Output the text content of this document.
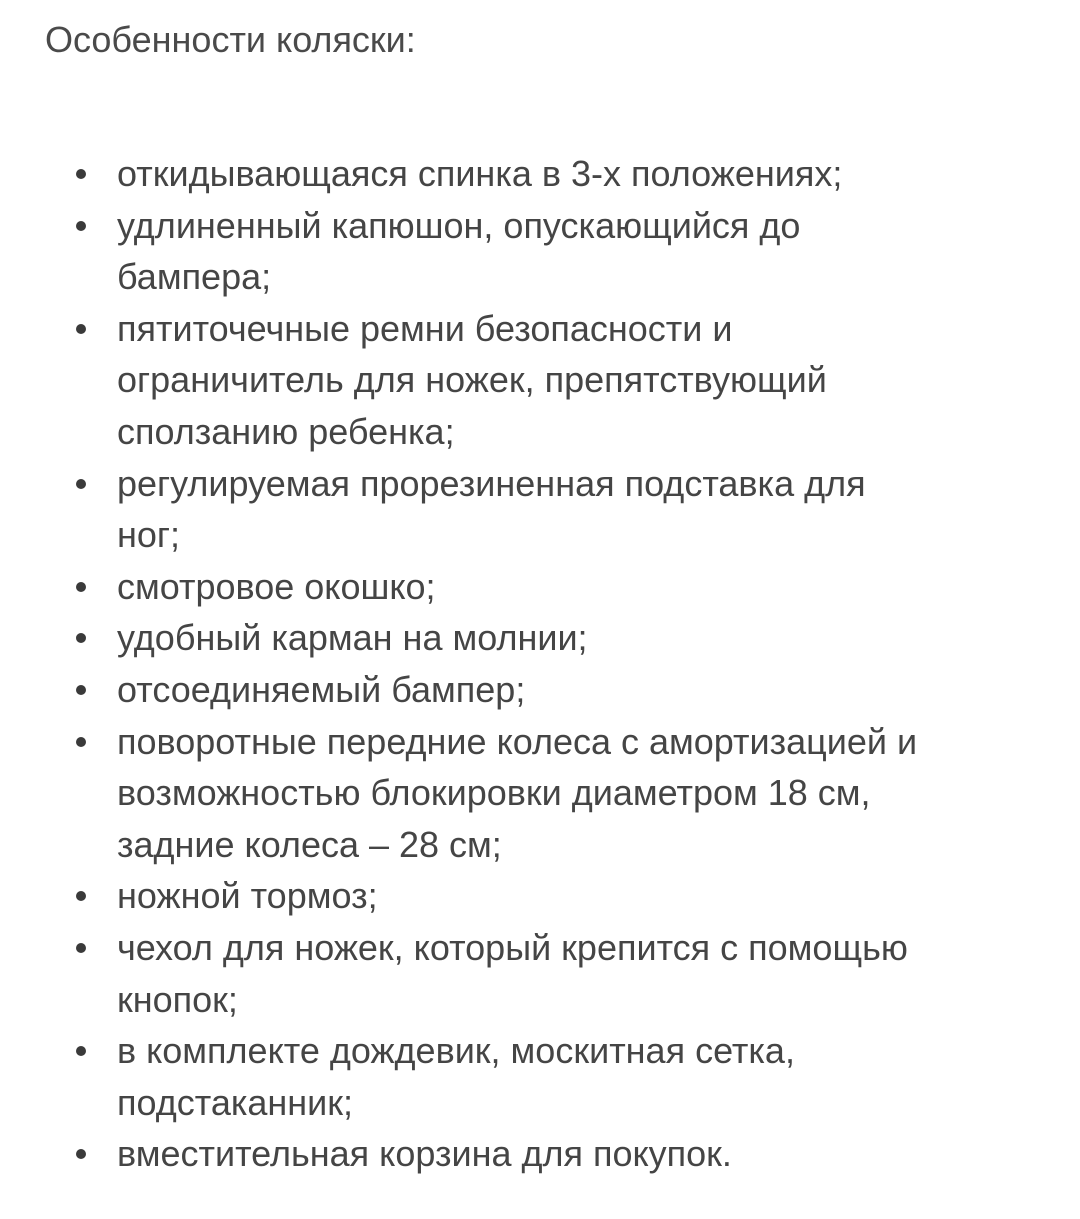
Особенности коляски:
откидывающаяся спинка в 3-х положениях;
удлиненный капюшон, опускающийся до
бампера;
пятиточечные ремни безопасности и
ограничитель для ножек, препятствующий
сползанию ребенка;
регулируемая прорезиненная подставка для
ног;
смотровое окошко;
удобный карман на молнии;
отсоединяемый бампер;
поворотные передние колеса с амортизацией и
возможностью блокировки диаметром 18 см,
задние колеса – 28 см;
ножной тормоз;
чехол для ножек, который крепится с помощью
кнопок;
в комплекте дождевик, москитная сетка,
подстаканник;
вместительная корзина для покупок.
